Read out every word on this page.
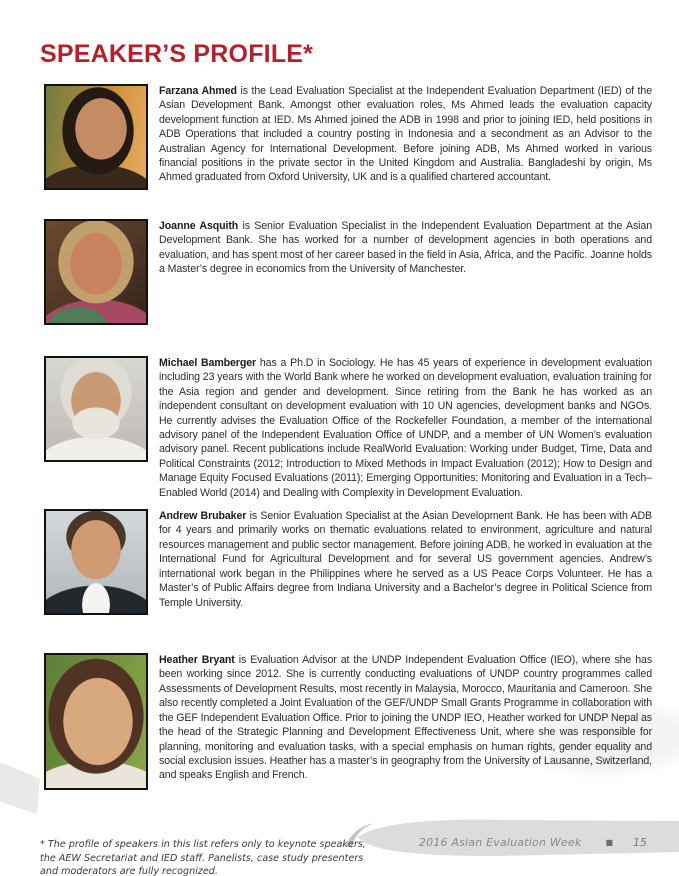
SPEAKER’S PROFILE*

Farzana Ahmed is the Lead Evaluation Specialist at the Independent Evaluation Department (IED) of the Asian Development Bank. Amongst other evaluation roles, Ms Ahmed leads the evaluation capacity development function at IED. Ms Ahmed joined the ADB in 1998 and prior to joining IED, held positions in ADB Operations that included a country posting in Indonesia and a secondment as an Advisor to the Australian Agency for International Development. Before joining ADB, Ms Ahmed worked in various financial positions in the private sector in the United Kingdom and Australia. Bangladeshi by origin, Ms Ahmed graduated from Oxford University, UK and is a qualified chartered accountant.

Joanne Asquith is Senior Evaluation Specialist in the Independent Evaluation Department at the Asian Development Bank. She has worked for a number of development agencies in both operations and evaluation, and has spent most of her career based in the field in Asia, Africa, and the Pacific. Joanne holds a Master’s degree in economics from the University of Manchester.

Michael Bamberger has a Ph.D in Sociology. He has 45 years of experience in development evaluation including 23 years with the World Bank where he worked on development evaluation, evaluation training for the Asia region and gender and development. Since retiring from the Bank he has worked as an independent consultant on development evaluation with 10 UN agencies, development banks and NGOs. He currently advises the Evaluation Office of the Rockefeller Foundation, a member of the international advisory panel of the Independent Evaluation Office of UNDP, and a member of UN Women’s evaluation advisory panel. Recent publications include RealWorld Evaluation: Working under Budget, Time, Data and Political Constraints (2012; Introduction to Mixed Methods in Impact Evaluation (2012); How to Design and Manage Equity Focused Evaluations (2011); Emerging Opportunities: Monitoring and Evaluation in a Tech–Enabled World (2014) and Dealing with Complexity in Development Evaluation.

Andrew Brubaker is Senior Evaluation Specialist at the Asian Development Bank. He has been with ADB for 4 years and primarily works on thematic evaluations related to environment, agriculture and natural resources management and public sector management. Before joining ADB, he worked in evaluation at the International Fund for Agricultural Development and for several US government agencies. Andrew’s international work began in the Philippines where he served as a US Peace Corps Volunteer. He has a Master’s of Public Affairs degree from Indiana University and a Bachelor’s degree in Political Science from Temple University.

Heather Bryant is Evaluation Advisor at the UNDP Independent Evaluation Office (IEO), where she has been working since 2012. She is currently conducting evaluations of UNDP country programmes called Assessments of Development Results, most recently in Malaysia, Morocco, Mauritania and Cameroon. She also recently completed a Joint Evaluation of the GEF/UNDP Small Grants Programme in collaboration with the GEF Independent Evaluation Office. Prior to joining the UNDP IEO, Heather worked for UNDP Nepal as the head of the Strategic Planning and Development Effectiveness Unit, where she was responsible for planning, monitoring and evaluation tasks, with a special emphasis on human rights, gender equality and social exclusion issues. Heather has a master’s in geography from the University of Lausanne, Switzerland, and speaks English and French.

* The profile of speakers in this list refers only to keynote speakers, the AEW Secretariat and IED staff. Panelists, case study presenters and moderators are fully recognized.

2016 Asian Evaluation Week	■ 15
